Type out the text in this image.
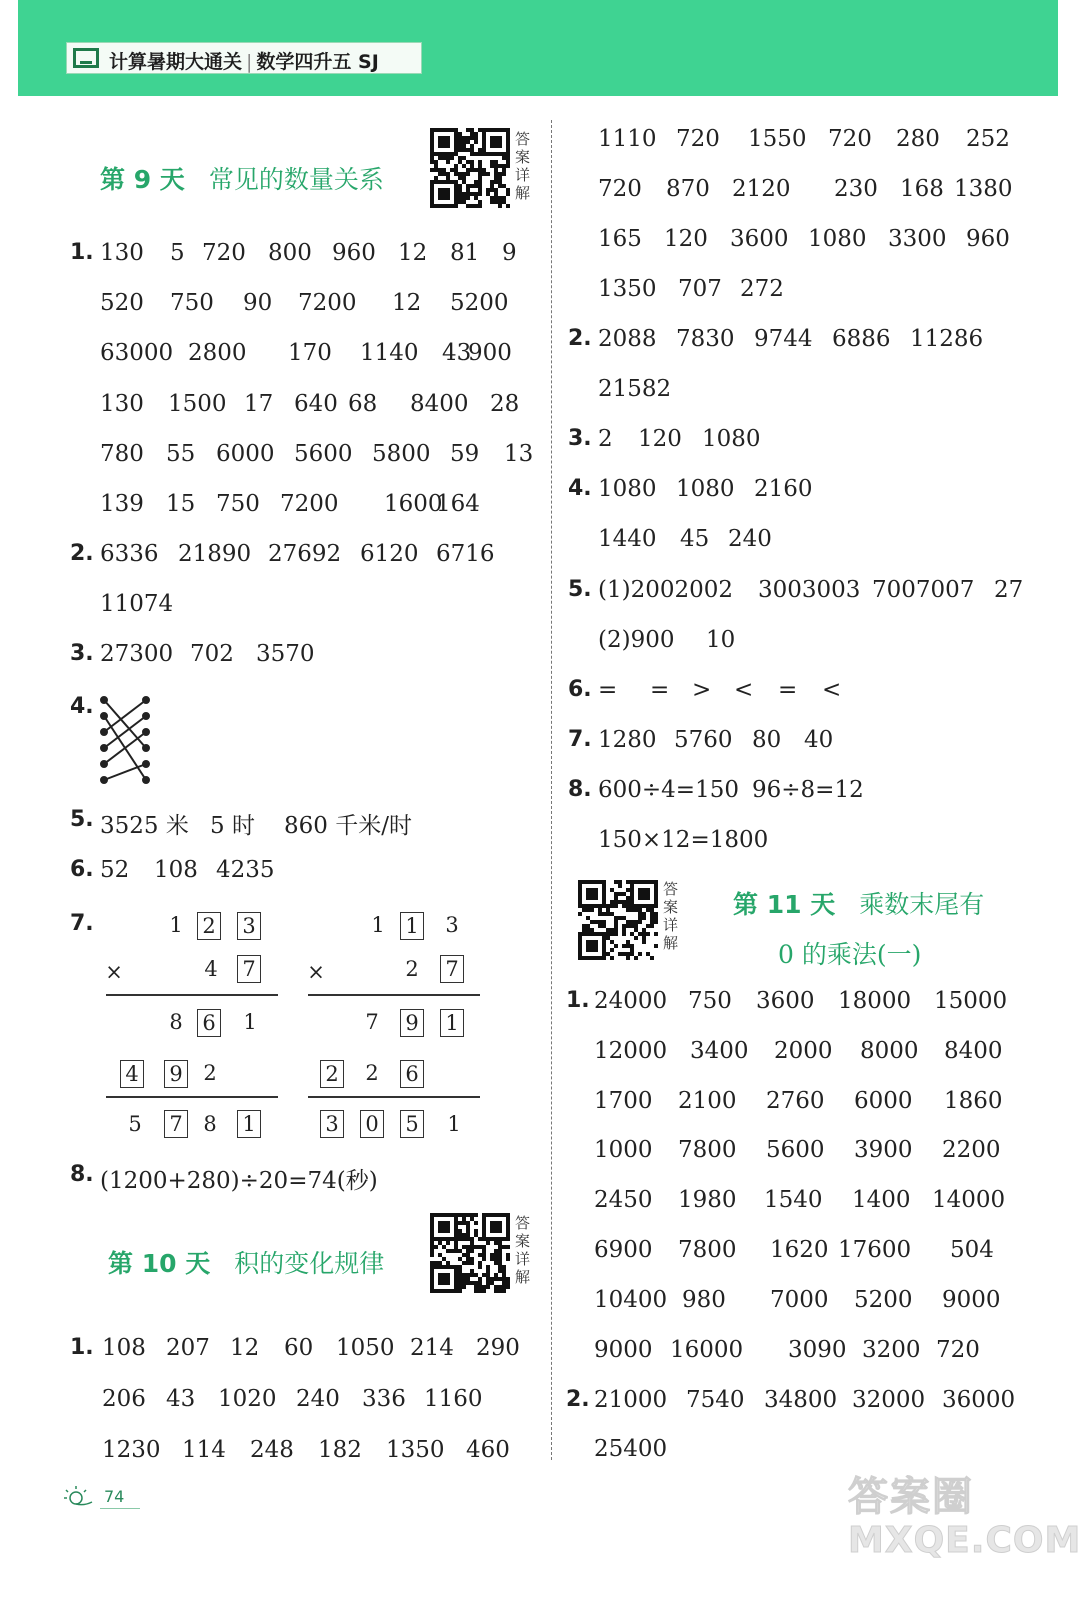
计算暑期大通关 | 数学四升五 SJ
第 9 天 常见的数量关系
答案详解
1. 130 5 720 800 960 12 81 9
520 750 90 7200 12 5200
63000 2800 170 1140 43
900
130 1500 17 640 68 8400 28
780 55 6000 5600 5800 59 13
139 15 750 7200 1600
164
2. 6336 21890 27692 6120 6716
11074
3. 27300 702 3570
5. 3525 米 5 时 860 千米/时
6. 52 108 4235
8. (1200+280)÷20=74(秒)
4.
7.	1 2 3
×	4 7
8 6 1
4 9 2
5 7 8 1
1 1 3
×	2 7
7 9 1
2 2 6
3 0 5 1
第 10 天 积的变化规律
答案详解
1. 108 207 12 60 1050 214 290
206 43 1020 240 336 1160
1230 114 248 182 1350 460
1110 720 1550 720 280 252
720 870 2120 230 168 1380
165 120 3600 1080 3300 960
1350 707 272
2. 2088 7830 9744 6886 11286
21582
3. 2 120 1080
4. 1080 1080 2160
1440 45 240
5. (1)2002002 3003003 7007007 27
(2)900 10
6. = = > < = <
7. 1280 5760 80 40
8. 600÷4=150 96÷8=12
150×12=1800
答案详解
第 11 天 乘数末尾有
0 的乘法(一)
1. 24000 750 3600 18000 15000
12000 3400 2000 8000 8400
1700 2100 2760 6000 1860
1000 7800 5600 3900 2200
2450 1980 1540 1400 14000
6900 7800 1620 17600 504
10400 980 7000 5200 9000
9000 16000 3090 3200 720
2. 21000 7540 34800 32000 36000
25400
74	答案圈
MXQE.COM
